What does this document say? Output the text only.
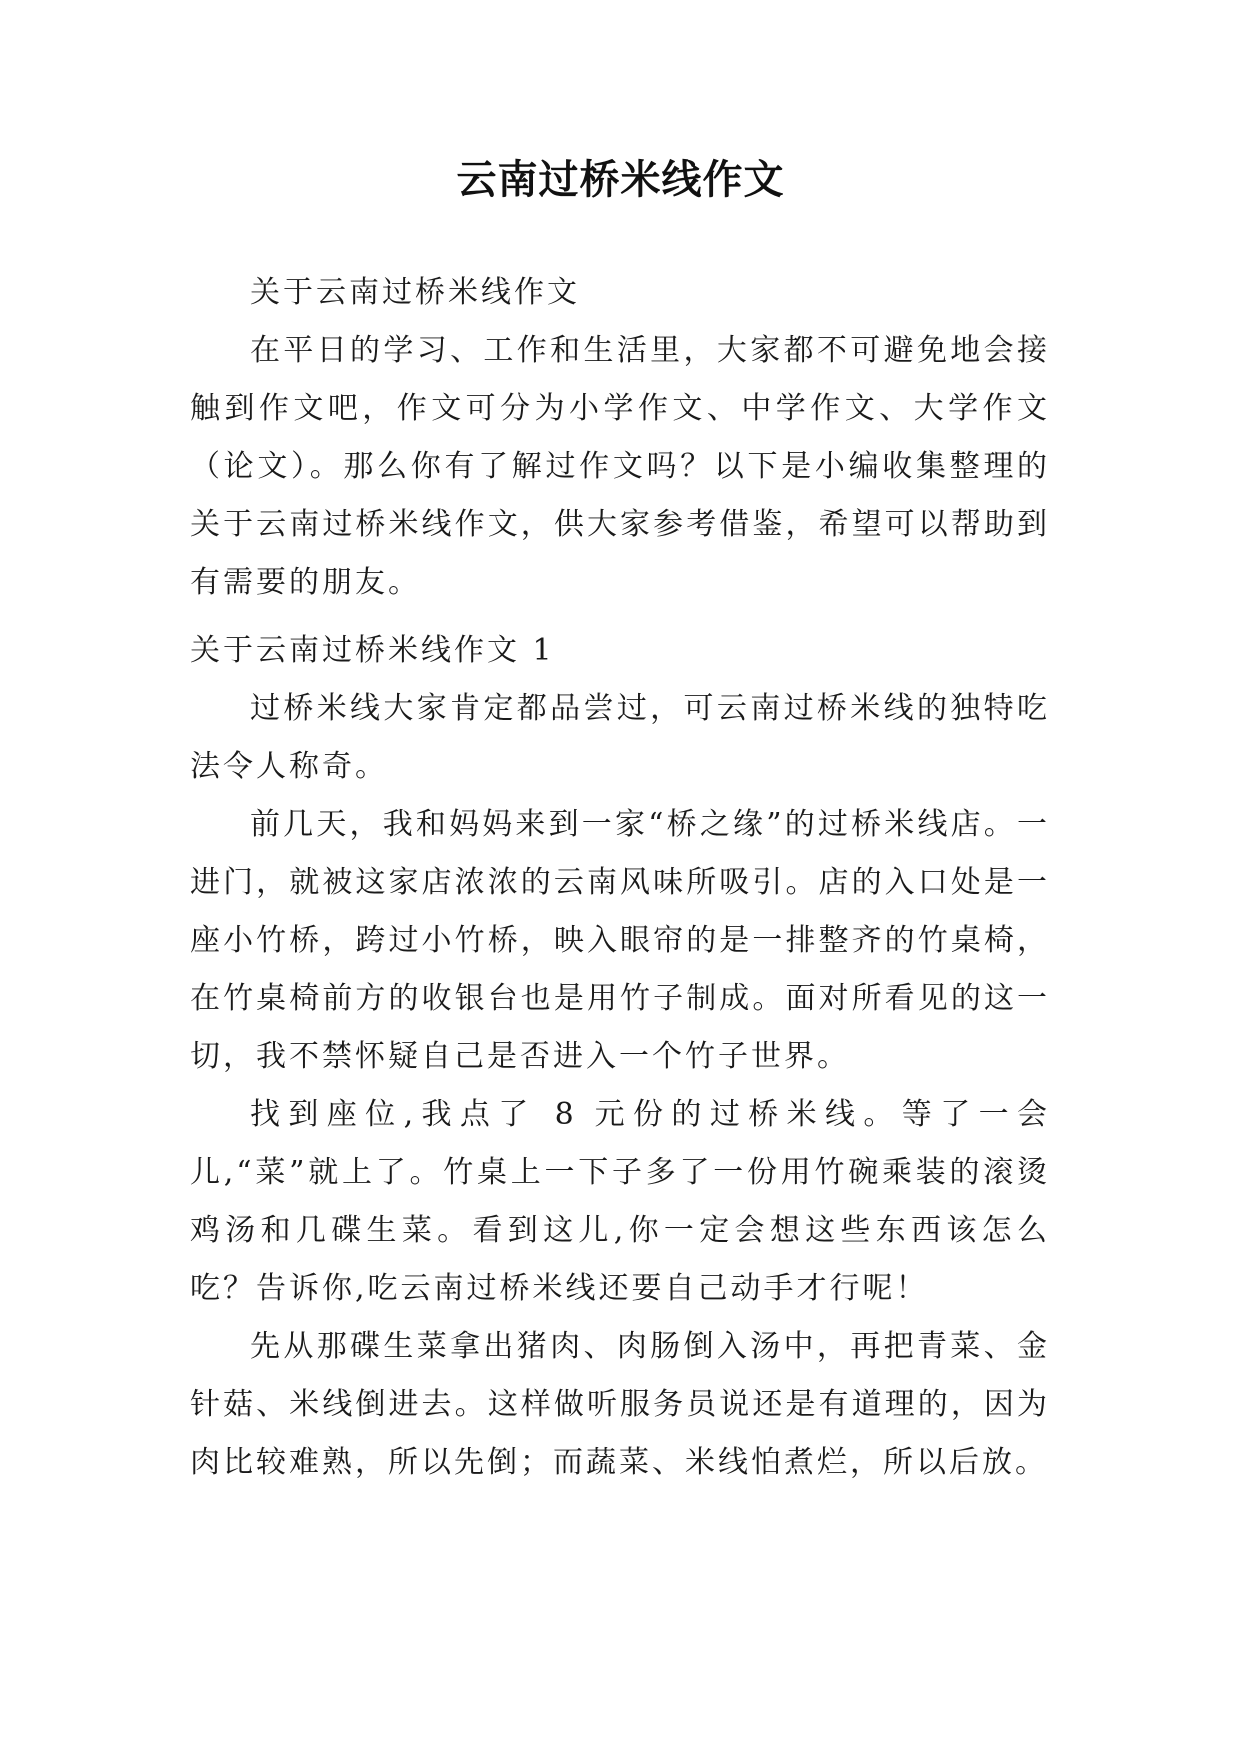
云南过桥米线作文

关于云南过桥米线作文

在平日的学习、工作和生活里，大家都不可避免地会接触到作文吧，作文可分为小学作文、中学作文、大学作文（论文）。那么你有了解过作文吗？以下是小编收集整理的关于云南过桥米线作文，供大家参考借鉴，希望可以帮助到有需要的朋友。

关于云南过桥米线作文 1

过桥米线大家肯定都品尝过，可云南过桥米线的独特吃法令人称奇。

前几天，我和妈妈来到一家“桥之缘”的过桥米线店。一进门，就被这家店浓浓的云南风味所吸引。店的入口处是一座小竹桥，跨过小竹桥，映入眼帘的是一排整齐的竹桌椅，在竹桌椅前方的收银台也是用竹子制成。面对所看见的这一切，我不禁怀疑自己是否进入一个竹子世界。

找到座位,我点了 8 元份的过桥米线。等了一会儿,“菜”就上了。竹桌上一下子多了一份用竹碗乘装的滚烫鸡汤和几碟生菜。看到这儿,你一定会想这些东西该怎么吃？告诉你,吃云南过桥米线还要自己动手才行呢！

先从那碟生菜拿出猪肉、肉肠倒入汤中，再把青菜、金针菇、米线倒进去。这样做听服务员说还是有道理的，因为肉比较难熟，所以先倒；而蔬菜、米线怕煮烂，所以后放。
